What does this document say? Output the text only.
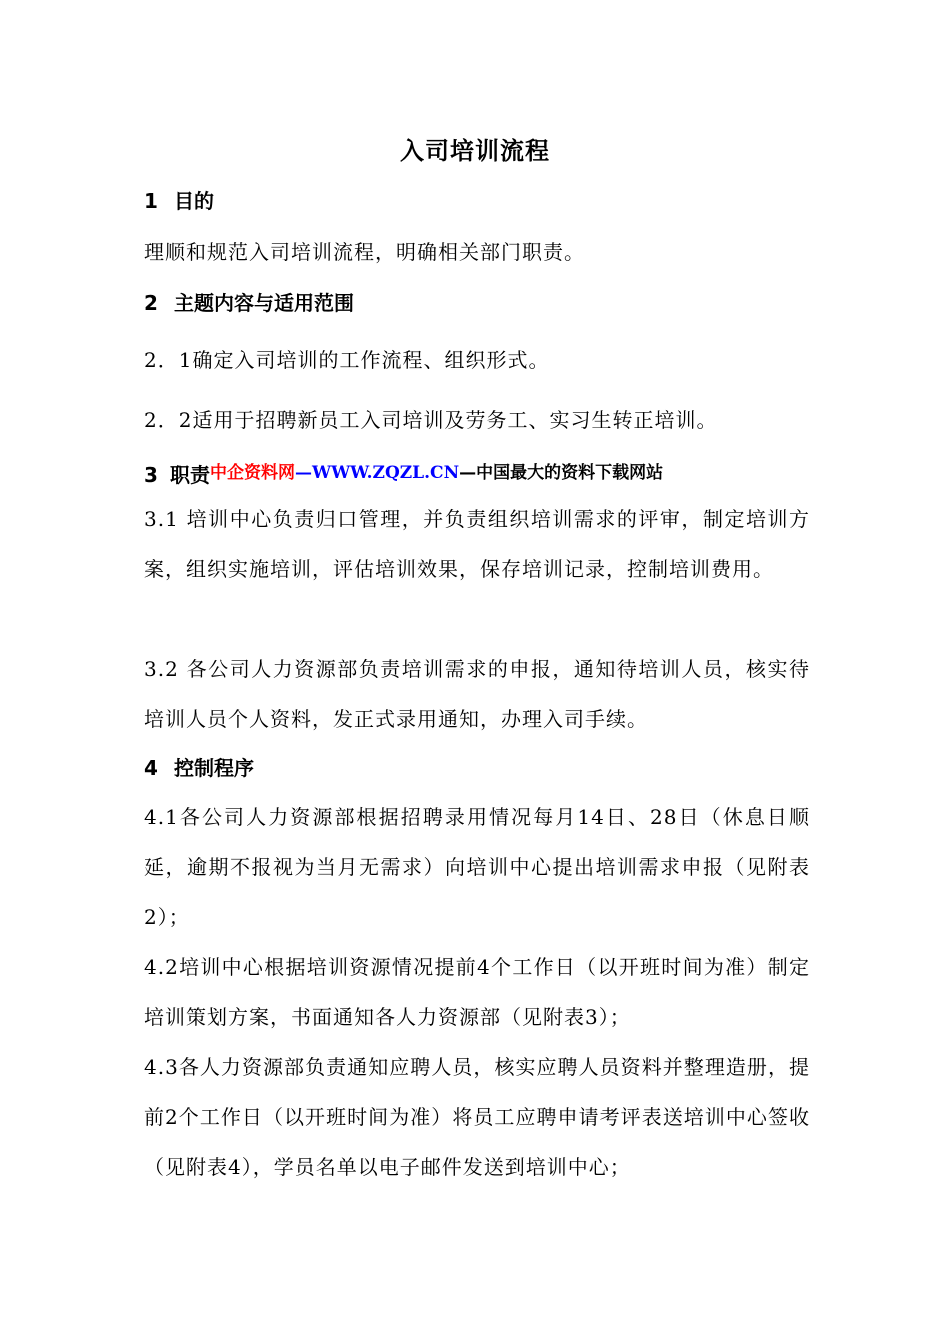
入司培训流程
1 目的
理顺和规范入司培训流程，明确相关部门职责。
2 主题内容与适用范围
2．1确定入司培训的工作流程、组织形式。
2．2适用于招聘新员工入司培训及劳务工、实习生转正培训。
3 职责$^{中企资料网—WWW.ZQZL.CN—中国最大的资料下载网站}$
3.1 培训中心负责归口管理，并负责组织培训需求的评审，制定培训方案，组织实施培训，评估培训效果，保存培训记录，控制培训费用。
3.2 各公司人力资源部负责培训需求的申报，通知待培训人员，核实待培训人员个人资料，发正式录用通知，办理入司手续。
4 控制程序
4.1各公司人力资源部根据招聘录用情况每月14日、28日（休息日顺延，逾期不报视为当月无需求）向培训中心提出培训需求申报（见附表2）；
4.2培训中心根据培训资源情况提前4个工作日（以开班时间为准）制定培训策划方案，书面通知各人力资源部（见附表3）；
4.3各人力资源部负责通知应聘人员，核实应聘人员资料并整理造册，提前2个工作日（以开班时间为准）将员工应聘申请考评表送培训中心签收（见附表4），学员名单以电子邮件发送到培训中心；
